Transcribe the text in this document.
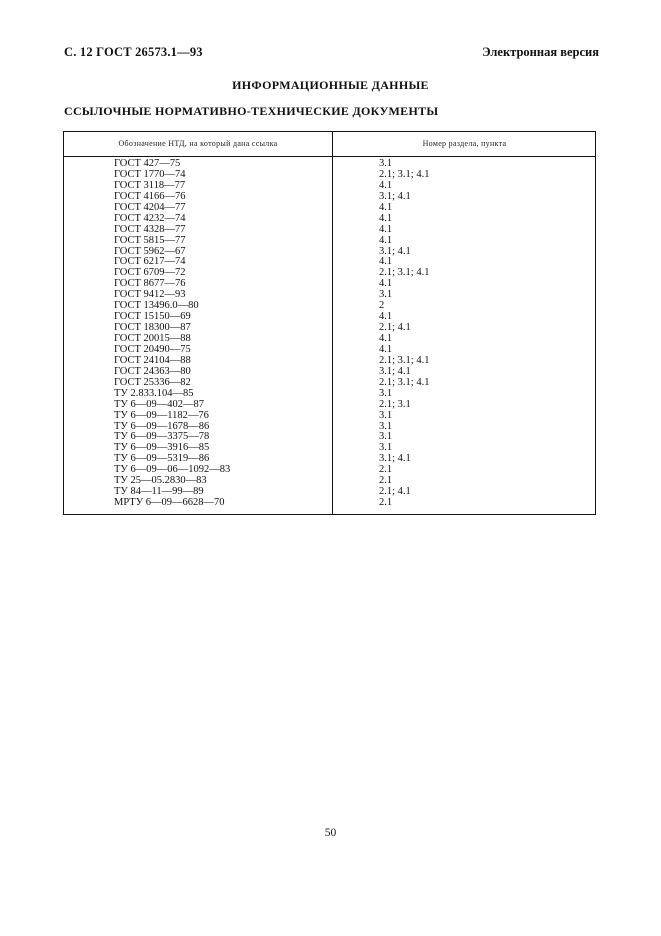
С. 12 ГОСТ 26573.1—93	Электронная версия
ИНФОРМАЦИОННЫЕ ДАННЫЕ
ССЫЛОЧНЫЕ НОРМАТИВНО-ТЕХНИЧЕСКИЕ ДОКУМЕНТЫ
Обозначение НТД, на который дана ссылка	Номер раздела, пункта
ГОСТ 427—75	3.1
ГОСТ 1770—74	2.1; 3.1; 4.1
ГОСТ 3118—77	4.1
ГОСТ 4166—76	3.1; 4.1
ГОСТ 4204—77	4.1
ГОСТ 4232—74	4.1
ГОСТ 4328—77	4.1
ГОСТ 5815—77	4.1
ГОСТ 5962—67	3.1; 4.1
ГОСТ 6217—74	4.1
ГОСТ 6709—72	2.1; 3.1; 4.1
ГОСТ 8677—76	4.1
ГОСТ 9412—93	3.1
ГОСТ 13496.0—80	2
ГОСТ 15150—69	4.1
ГОСТ 18300—87	2.1; 4.1
ГОСТ 20015—88	4.1
ГОСТ 20490—75	4.1
ГОСТ 24104—88	2.1; 3.1; 4.1
ГОСТ 24363—80	3.1; 4.1
ГОСТ 25336—82	2.1; 3.1; 4.1
ТУ 2.833.104—85	3.1
ТУ 6—09—402—87	2.1; 3.1
ТУ 6—09—1182—76	3.1
ТУ 6—09—1678—86	3.1
ТУ 6—09—3375—78	3.1
ТУ 6—09—3916—85	3.1
ТУ 6—09—5319—86	3.1; 4.1
ТУ 6—09—06—1092—83	2.1
ТУ 25—05.2830—83	2.1
ТУ 84—11—99—89	2.1; 4.1
МРТУ 6—09—6628—70	2.1
50
